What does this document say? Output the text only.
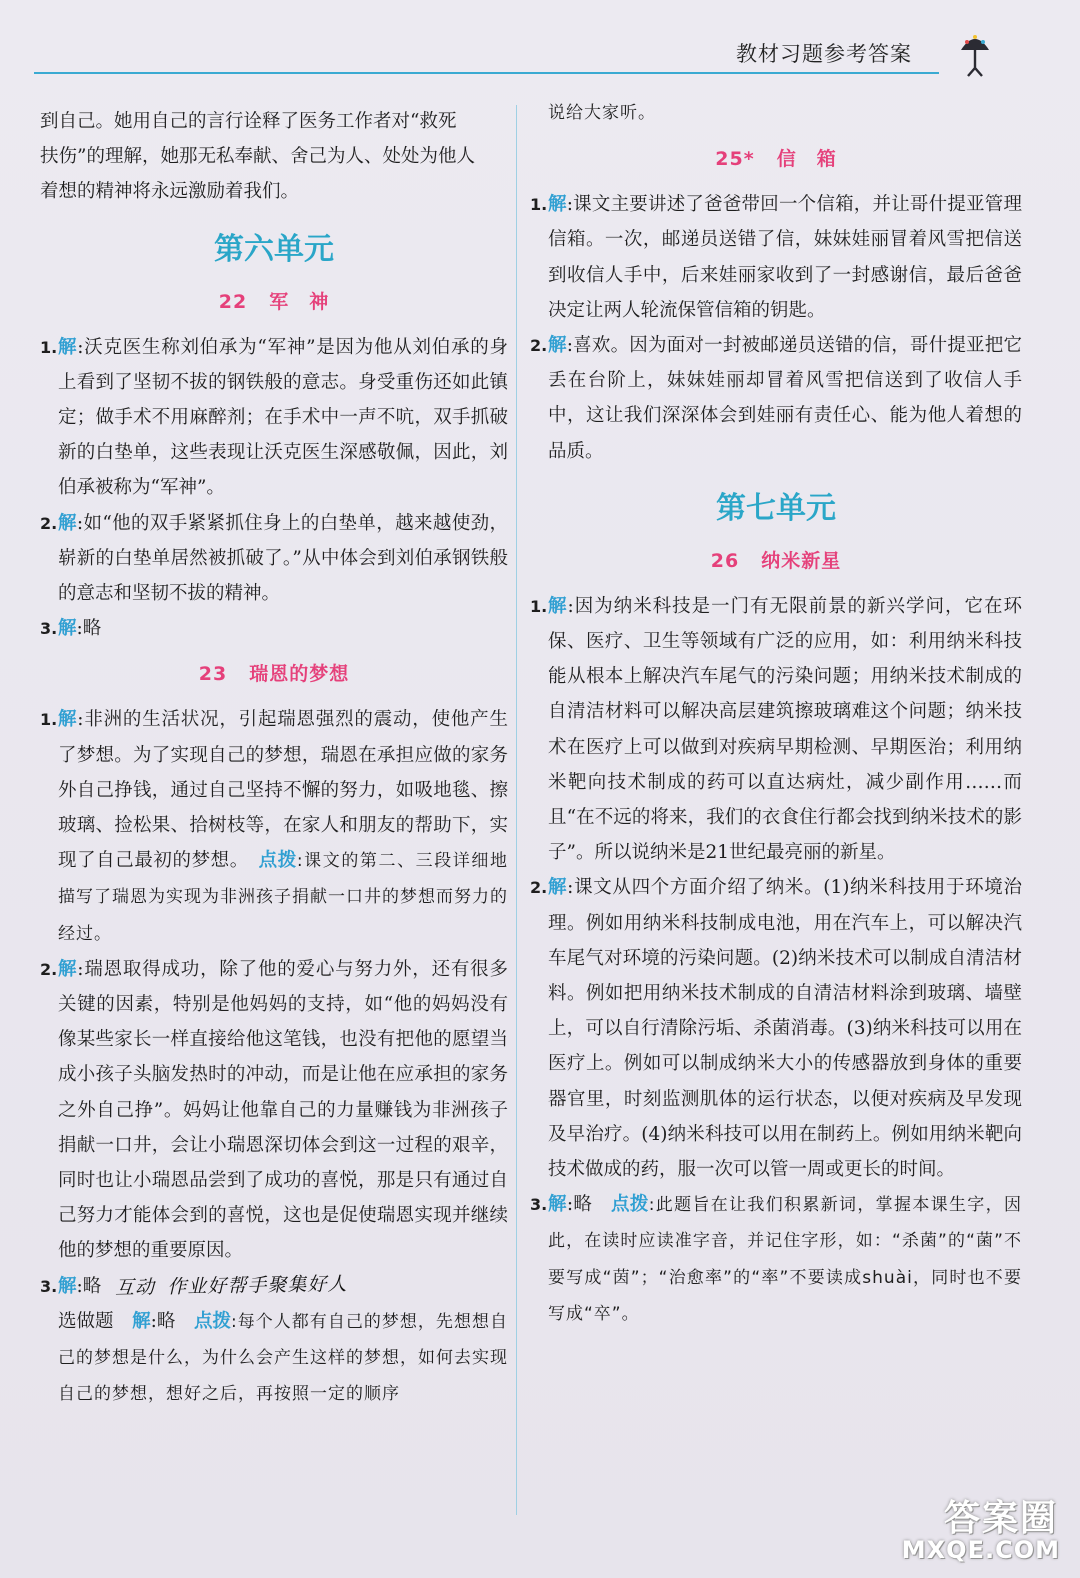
教材习题参考答案

到自己。她用自己的言行诠释了医务工作者对“救死

扶伤”的理解，她那无私奉献、舍己为人、处处为他人

着想的精神将永远激励着我们。

第六单元
22 军　神

1. 解:沃克医生称刘伯承为“军神”是因为他从刘伯承的身上看到了坚韧不拔的钢铁般的意志。身受重伤还如此镇定；做手术不用麻醉剂；在手术中一声不吭，双手抓破新的白垫单，这些表现让沃克医生深感敬佩，因此，刘伯承被称为“军神”。

2. 解:如“他的双手紧紧抓住身上的白垫单，越来越使劲，崭新的白垫单居然被抓破了。”从中体会到刘伯承钢铁般的意志和坚韧不拔的精神。

3. 解:略

23 瑞恩的梦想

1. 解:非洲的生活状况，引起瑞恩强烈的震动，使他产生了梦想。为了实现自己的梦想，瑞恩在承担应做的家务外自己挣钱，通过自己坚持不懈的努力，如吸地毯、擦玻璃、捡松果、拾树枝等，在家人和朋友的帮助下，实现了自己最初的梦想。　 点拨:课文的第二、三段详细地描写了瑞恩为实现为非洲孩子捐献一口井的梦想而努力的经过。

2. 解:瑞恩取得成功，除了他的爱心与努力外，还有很多关键的因素，特别是他妈妈的支持，如“他的妈妈没有像某些家长一样直接给他这笔钱，也没有把他的愿望当成小孩子头脑发热时的冲动，而是让他在应承担的家务之外自己挣”。妈妈让他靠自己的力量赚钱为非洲孩子捐献一口井，会让小瑞恩深切体会到这一过程的艰辛，同时也让小瑞恩品尝到了成功的喜悦，那是只有通过自己努力才能体会到的喜悦，这也是促使瑞恩实现并继续他的梦想的重要原因。

3. 解:略 互动 作业好帮手聚集好人

选做题　 解:略　 点拨:每个人都有自己的梦想，先想想自己的梦想是什么，为什么会产生这样的梦想，如何去实现自己的梦想，想好之后，再按照一定的顺序

说给大家听。

25* 信　箱

1. 解:课文主要讲述了爸爸带回一个信箱，并让哥什提亚管理信箱。一次，邮递员送错了信，妹妹娃丽冒着风雪把信送到收信人手中，后来娃丽家收到了一封感谢信，最后爸爸决定让两人轮流保管信箱的钥匙。

2. 解:喜欢。因为面对一封被邮递员送错的信，哥什提亚把它丢在台阶上，妹妹娃丽却冒着风雪把信送到了收信人手中，这让我们深深体会到娃丽有责任心、能为他人着想的品质。

第七单元
26 纳米新星

1. 解:因为纳米科技是一门有无限前景的新兴学问，它在环保、医疗、卫生等领域有广泛的应用，如：利用纳米科技能从根本上解决汽车尾气的污染问题；用纳米技术制成的自清洁材料可以解决高层建筑擦玻璃难这个问题；纳米技术在医疗上可以做到对疾病早期检测、早期医治；利用纳米靶向技术制成的药可以直达病灶，减少副作用……而且“在不远的将来，我们的衣食住行都会找到纳米技术的影子”。所以说纳米是21世纪最亮丽的新星。

2. 解:课文从四个方面介绍了纳米。(1)纳米科技用于环境治理。例如用纳米科技制成电池，用在汽车上，可以解决汽车尾气对环境的污染问题。(2)纳米技术可以制成自清洁材料。例如把用纳米技术制成的自清洁材料涂到玻璃、墙壁上，可以自行清除污垢、杀菌消毒。(3)纳米科技可以用在医疗上。例如可以制成纳米大小的传感器放到身体的重要器官里，时刻监测肌体的运行状态，以便对疾病及早发现及早治疗。(4)纳米科技可以用在制药上。例如用纳米靶向技术做成的药，服一次可以管一周或更长的时间。

3. 解:略　 点拨:此题旨在让我们积累新词，掌握本课生字，因此，在读时应读准字音，并记住字形，如：“杀菌”的“菌”不要写成“茵”；“治愈率”的“率”不要读成shuài，同时也不要写成“卒”。

答案圈
MXQE.COM
